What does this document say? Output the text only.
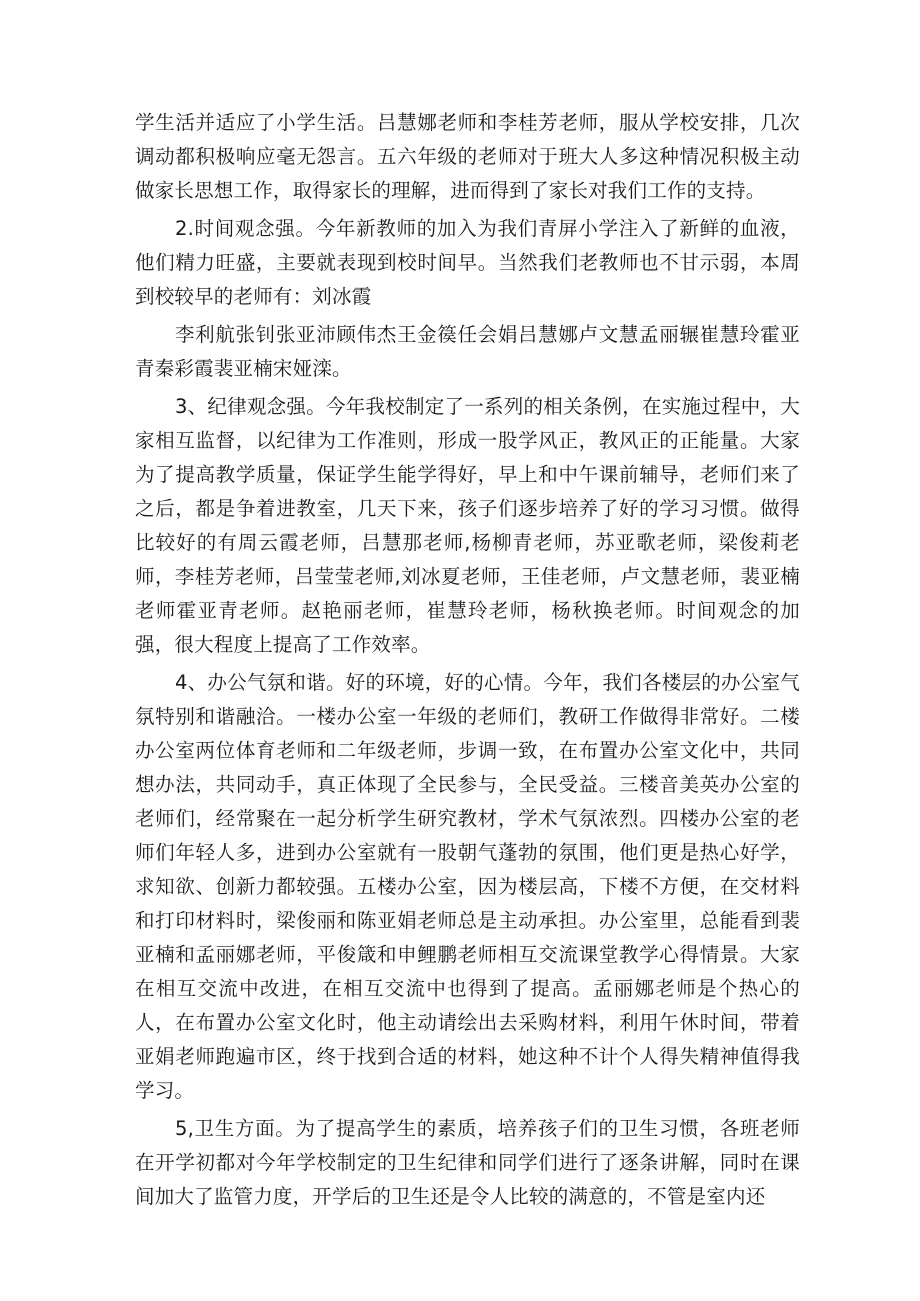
学生活并适应了小学生活。吕慧娜老师和李桂芳老师，服从学校安排，几次调动都积极响应毫无怨言。五六年级的老师对于班大人多这种情况积极主动做家长思想工作，取得家长的理解，进而得到了家长对我们工作的支持。

2.时间观念强。今年新教师的加入为我们青屏小学注入了新鲜的血液，他们精力旺盛，主要就表现到校时间早。当然我们老教师也不甘示弱，本周到校较早的老师有：刘冰霞

李利航张钊张亚沛顾伟杰王金篌任会娟吕慧娜卢文慧孟丽辗崔慧玲霍亚青秦彩霞裴亚楠宋娅滦。

3、纪律观念强。今年我校制定了一系列的相关条例，在实施过程中，大家相互监督，以纪律为工作准则，形成一股学风正，教风正的正能量。大家为了提高教学质量，保证学生能学得好，早上和中午课前辅导，老师们来了之后，都是争着进教室，几天下来，孩子们逐步培养了好的学习习惯。做得比较好的有周云霞老师，吕慧那老师,杨柳青老师，苏亚歌老师，梁俊莉老师，李桂芳老师，吕莹莹老师,刘冰夏老师，王佳老师，卢文慧老师，裴亚楠老师霍亚青老师。赵艳丽老师，崔慧玲老师，杨秋换老师。时间观念的加强，很大程度上提高了工作效率。

4、办公气氛和谐。好的环境，好的心情。今年，我们各楼层的办公室气氛特别和谐融洽。一楼办公室一年级的老师们，教研工作做得非常好。二楼办公室两位体育老师和二年级老师，步调一致，在布置办公室文化中，共同想办法，共同动手，真正体现了全民参与，全民受益。三楼音美英办公室的老师们，经常聚在一起分析学生研究教材，学术气氛浓烈。四楼办公室的老师们年轻人多，进到办公室就有一股朝气蓬勃的氛围，他们更是热心好学，求知欲、创新力都较强。五楼办公室，因为楼层高，下楼不方便，在交材料和打印材料时，梁俊丽和陈亚娟老师总是主动承担。办公室里，总能看到裴亚楠和孟丽娜老师，平俊箴和申鲤鹏老师相互交流课堂教学心得情景。大家在相互交流中改进，在相互交流中也得到了提高。孟丽娜老师是个热心的人，在布置办公室文化时，他主动请绘出去采购材料，利用午休时间，带着亚娟老师跑遍市区，终于找到合适的材料，她这种不计个人得失精神值得我学习。

5,卫生方面。为了提高学生的素质，培养孩子们的卫生习惯，各班老师在开学初都对今年学校制定的卫生纪律和同学们进行了逐条讲解，同时在课间加大了监管力度，开学后的卫生还是令人比较的满意的，不管是室内还
